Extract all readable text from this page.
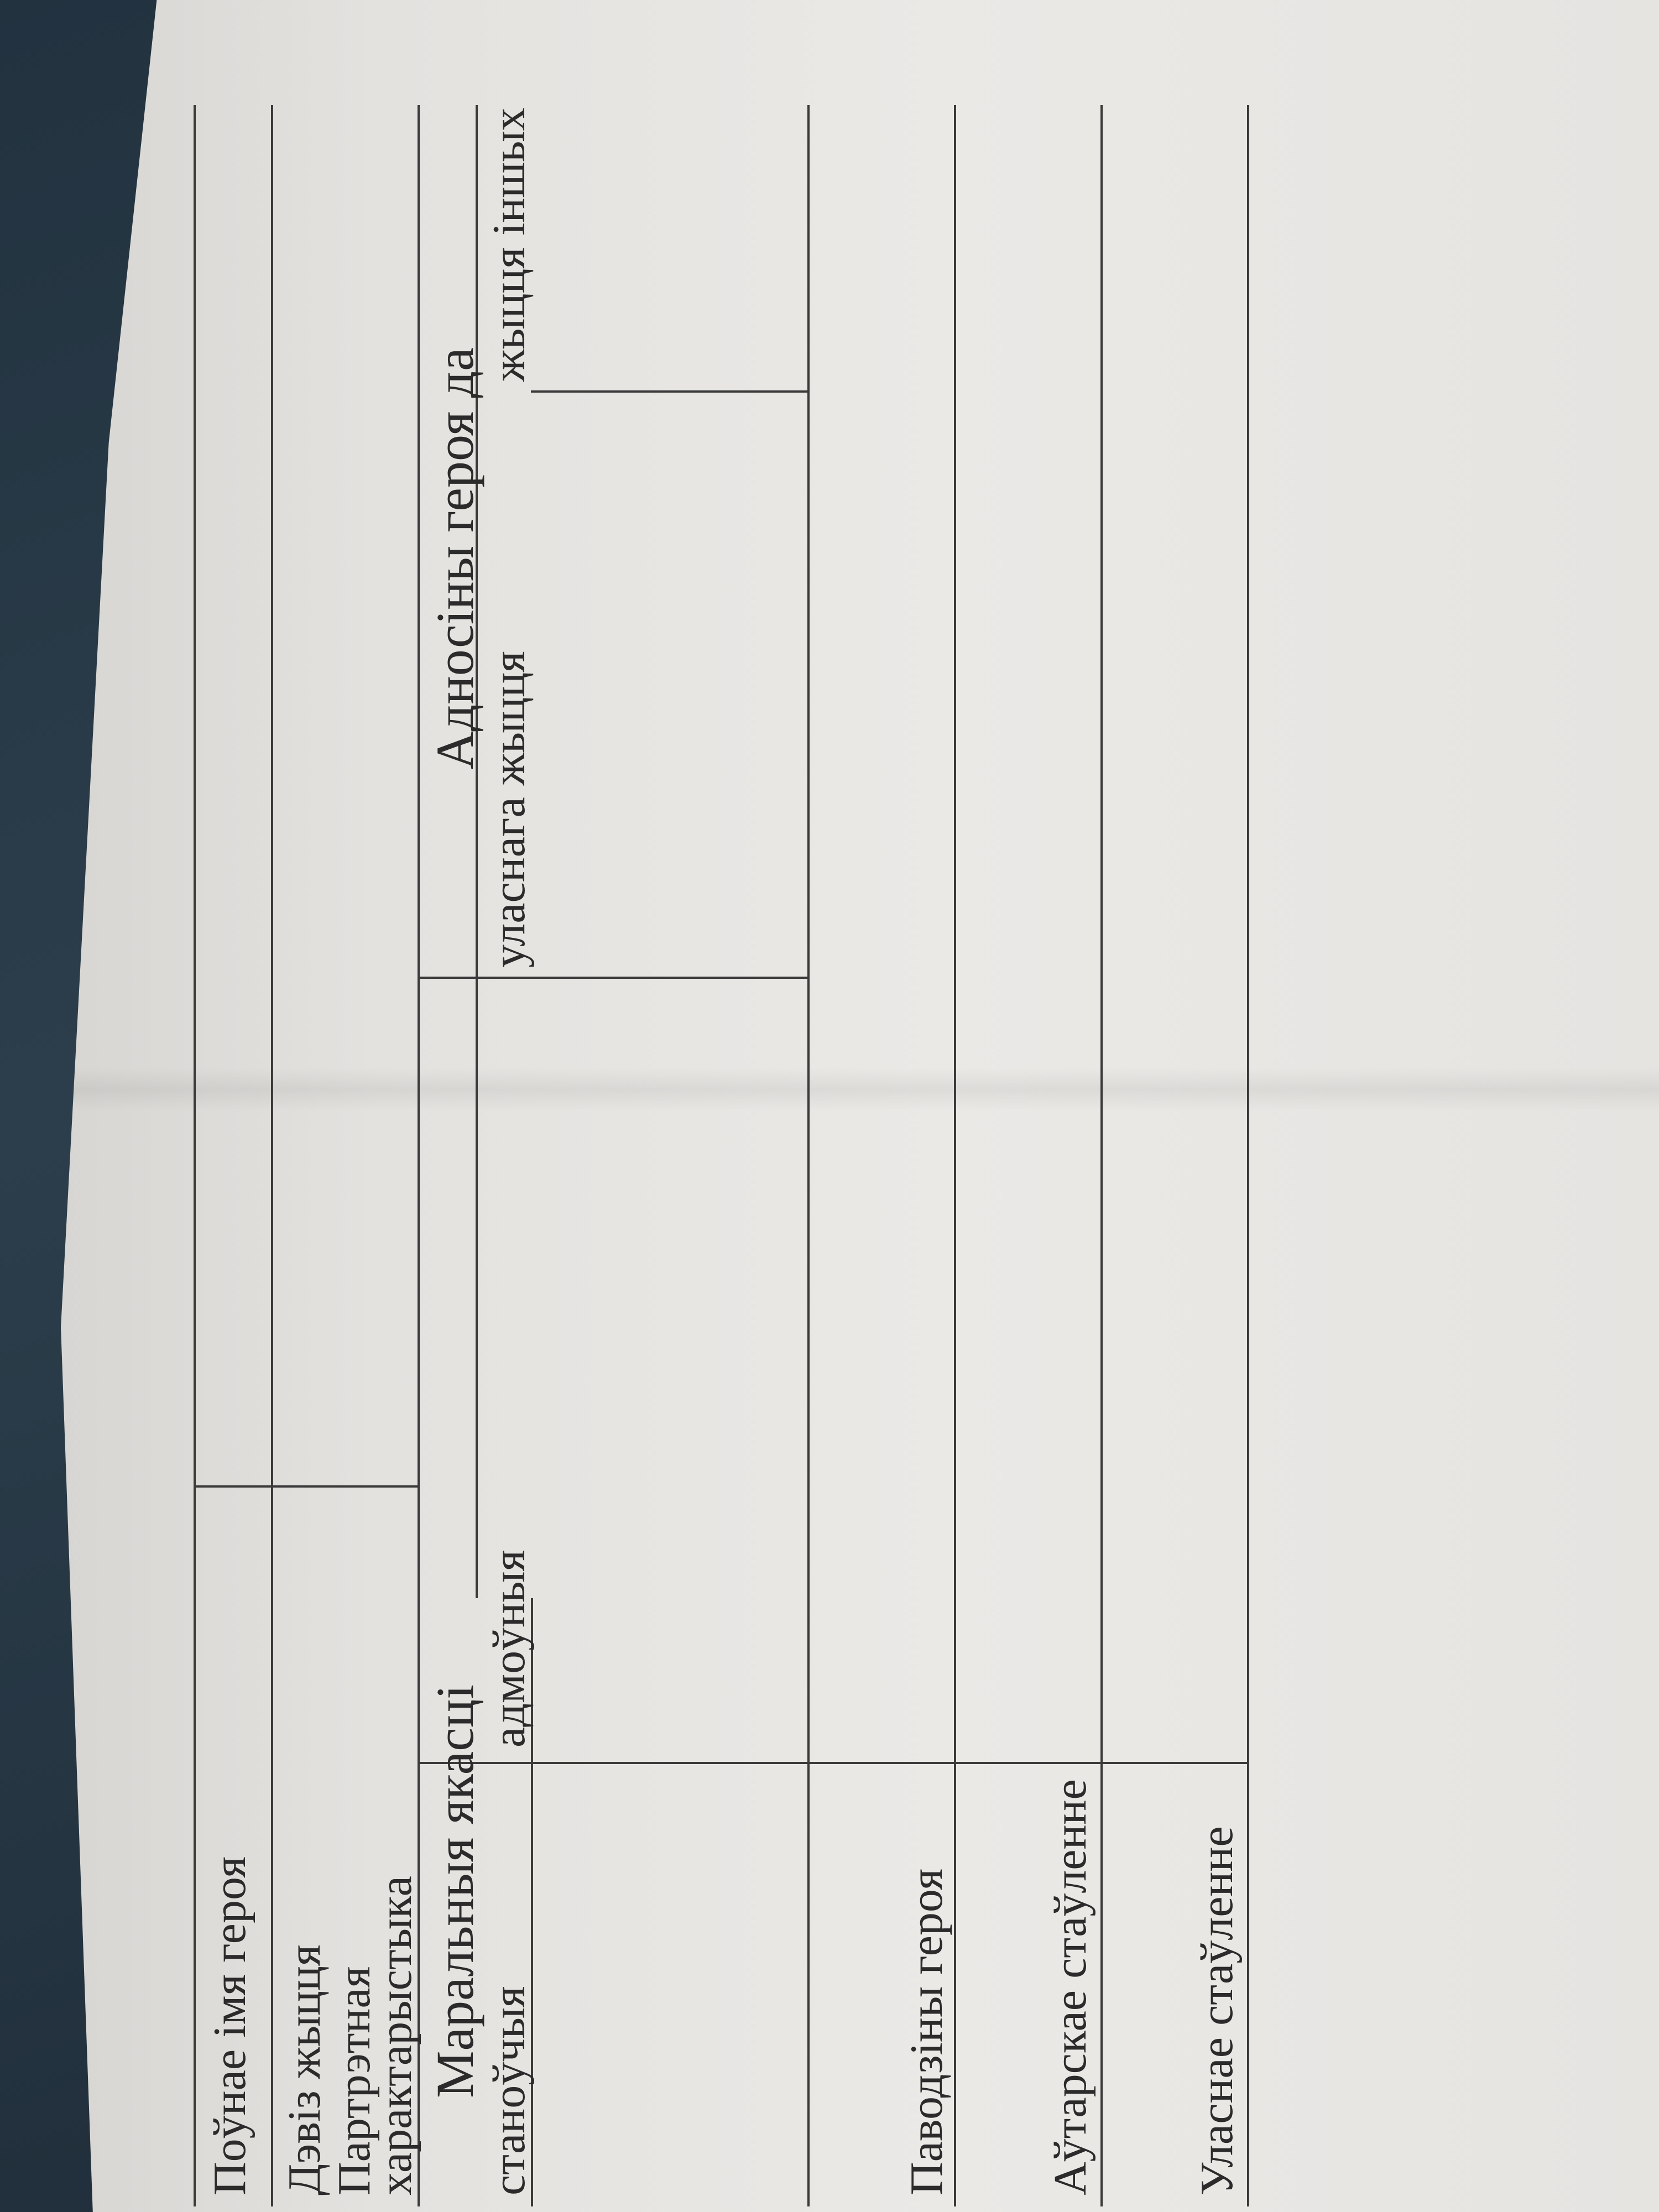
Поўнае імя героя Дэвіз жыцця
Партрэтная
характарыстыка Маральныя якасці
станоўчыя
адмоўныя
Адносіны героя да
уласнага жыцця
жыцця іншых
Паводзіны героя Аўтарскае стаўленне Уласнае стаўленне
